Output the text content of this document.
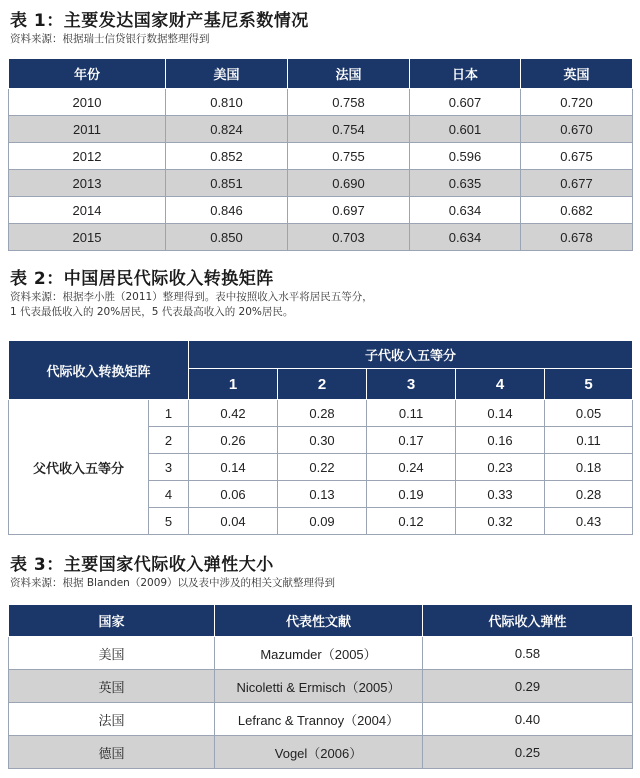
表 1：主要发达国家财产基尼系数情况
资料来源：根据瑞士信贷银行数据整理得到
年份	美国	法国	日本	英国
2010	0.810	0.758	0.607	0.720
2011	0.824	0.754	0.601	0.670
2012	0.852	0.755	0.596	0.675
2013	0.851	0.690	0.635	0.677
2014	0.846	0.697	0.634	0.682
2015	0.850	0.703	0.634	0.678
表 2：中国居民代际收入转换矩阵
资料来源：根据李小胜（2011）整理得到。表中按照收入水平将居民五等分，
1 代表最低收入的 20%居民，5 代表最高收入的 20%居民。
代际收入转换矩阵		子代收入五等分				
		1	2	3	4	5
父代收入五等分	1	0.42	0.28	0.11	0.14	0.05
	2	0.26	0.30	0.17	0.16	0.11
	3	0.14	0.22	0.24	0.23	0.18
	4	0.06	0.13	0.19	0.33	0.28
	5	0.04	0.09	0.12	0.32	0.43
表 3：主要国家代际收入弹性大小
资料来源：根据 Blanden（2009）以及表中涉及的相关文献整理得到
国家	代表性文献	代际收入弹性
美国	Mazumder（2005）	0.58
英国	Nicoletti & Ermisch（2005）	0.29
法国	Lefranc & Trannoy（2004）	0.40
德国	Vogel（2006）	0.25
